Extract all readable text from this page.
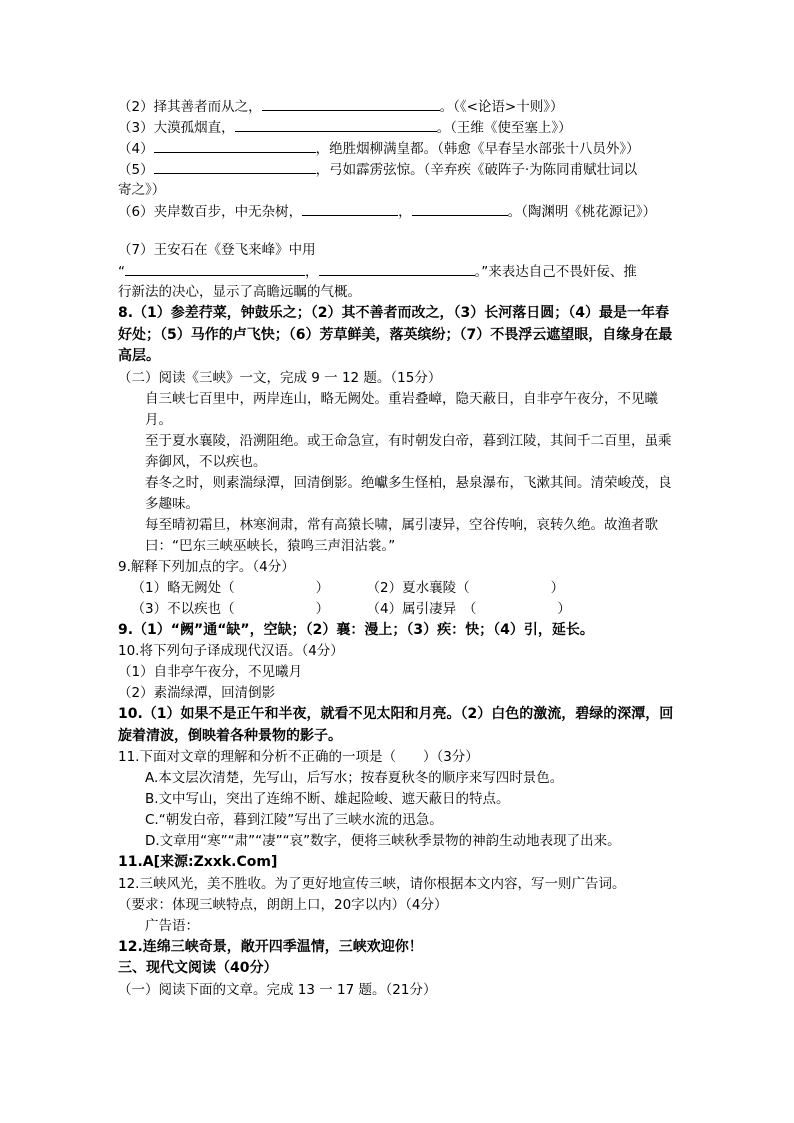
（2）择其善者而从之，	。（《<论语>十则》）
（3）大漠孤烟直，	。（王维《使至塞上》）
（4）	，绝胜烟柳满皇都。（韩愈《早春呈水部张十八员外》）
（5）	，弓如霹雳弦惊。（辛弃疾《破阵子·为陈同甫赋壮词以
寄之》）
（6）夹岸数百步，中无杂树，	，	。（陶渊明《桃花源记》）
（7）王安石在《登飞来峰》中用
“	，	。”来表达自己不畏奸佞、推
行新法的决心，显示了高瞻远瞩的气概。
8.（1）参差荇菜，钟鼓乐之；（2）其不善者而改之，（3）长河落日圆；（4）最是一年春好处；（5）马作的卢飞快；（6）芳草鲜美，落英缤纷；（7）不畏浮云遮望眼，自缘身在最高层。
（二）阅读《三峡》一文，完成 9 一 12 题。（15分）
自三峡七百里中，两岸连山，略无阙处。重岩叠嶂，隐天蔽日，自非亭午夜分，不见曦月。
至于夏水襄陵，沿溯阻绝。或王命急宣，有时朝发白帝，暮到江陵，其间千二百里，虽乘奔御风，不以疾也。
春冬之时，则素湍绿潭，回清倒影。绝巘多生怪柏，悬泉瀑布，飞漱其间。清荣峻茂，良多趣味。
每至晴初霜旦，林寒涧肃，常有高猿长啸，属引凄异，空谷传响，哀转久绝。故渔者歌曰：“巴东三峡巫峡长，猿鸣三声泪沾裳。”
9.解释下列加点的字。（4分）
（1）略无阙处（　　　　　　）	（2）夏水襄陵（　　　　　　）
（3）不以疾也（　　　　　　）	（4）属引凄异　（　　　　　　）
9.（1）“阙”通“缺”，空缺；（2）襄：漫上；（3）疾：快；（4）引，延长。
10.将下列句子译成现代汉语。（4分）
（1）自非亭午夜分，不见曦月
（2）素湍绿潭，回清倒影
10.（1）如果不是正午和半夜，就看不见太阳和月亮。（2）白色的激流，碧绿的深潭，回旋着清波，倒映着各种景物的影子。
11.下面对文章的理解和分析不正确的一项是（　　）（3分）
A.本文层次清楚，先写山，后写水；按春夏秋冬的顺序来写四时景色。
B.文中写山，突出了连绵不断、雄起险峻、遮天蔽日的特点。
C.“朝发白帝，暮到江陵”写出了三峡水流的迅急。
D.文章用“寒”“肃”“凄”“哀”数字，便将三峡秋季景物的神韵生动地表现了出来。
11.A[来源:Zxxk.Com]
12.三峡风光，美不胜收。为了更好地宣传三峡，请你根据本文内容，写一则广告词。
（要求：体现三峡特点，朗朗上口，20字以内）（4分）
广告语：
12.连绵三峡奇景，敞开四季温情，三峡欢迎你！
三、现代文阅读（40分）
（一）阅读下面的文章。完成 13 一 17 题。（21分）
